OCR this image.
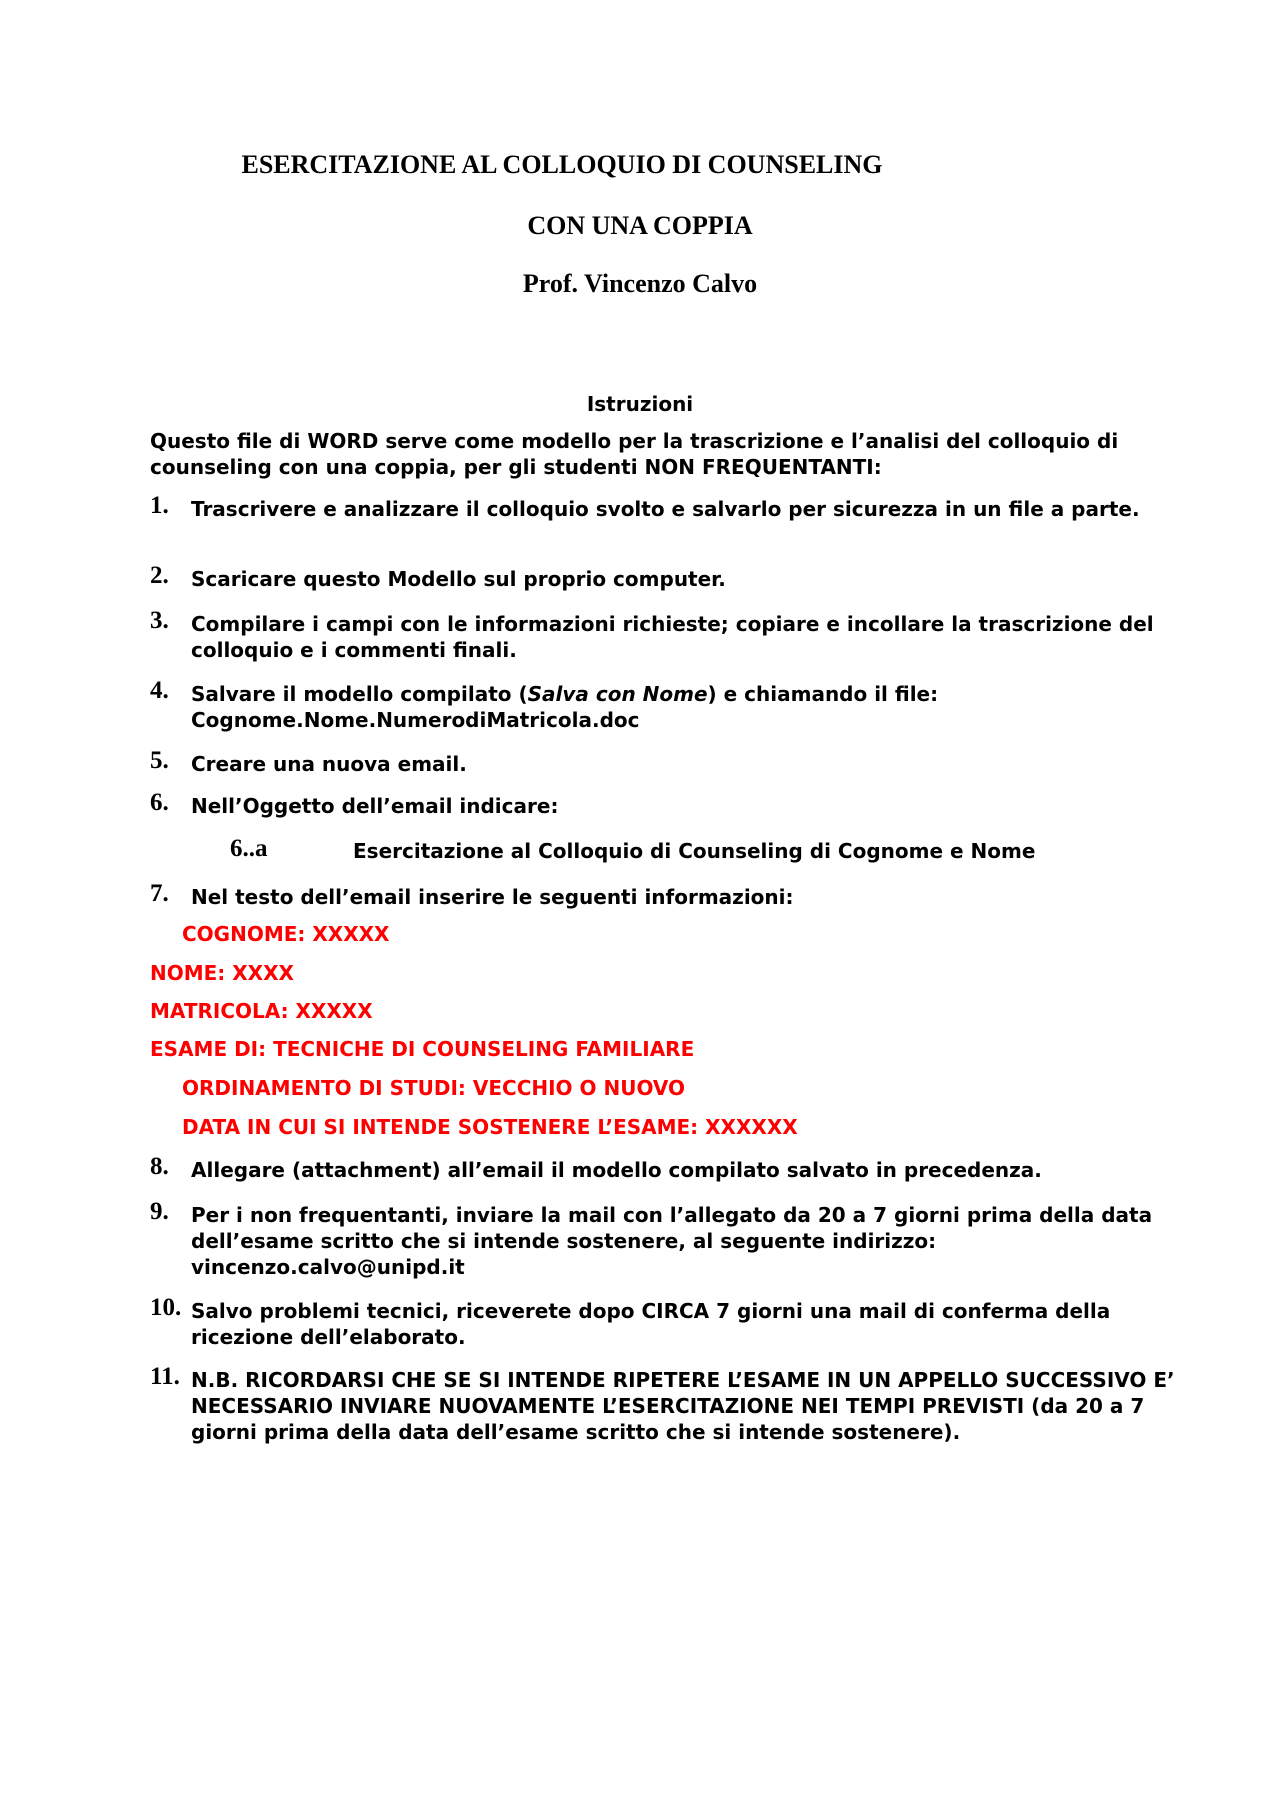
ESERCITAZIONE AL COLLOQUIO DI COUNSELING
CON UNA COPPIA
Prof. Vincenzo Calvo
Istruzioni
Questo file di WORD serve come modello per la trascrizione e l’analisi del colloquio di counseling con una coppia, per gli studenti NON FREQUENTANTI:
1. Trascrivere e analizzare il colloquio svolto e salvarlo per sicurezza in un file a parte.
2. Scaricare questo Modello sul proprio computer.
3. Compilare i campi con le informazioni richieste; copiare e incollare la trascrizione del colloquio e i commenti finali.
4. Salvare il modello compilato (Salva con Nome) e chiamando il file:
Cognome.Nome.NumerodiMatricola.doc
5. Creare una nuova email.
6. Nell’Oggetto dell’email indicare:
6..a	Esercitazione al Colloquio di Counseling di Cognome e Nome
7. Nel testo dell’email inserire le seguenti informazioni:
COGNOME: XXXXX
NOME: XXXX
MATRICOLA: XXXXX
ESAME DI: TECNICHE DI COUNSELING FAMILIARE
ORDINAMENTO DI STUDI: VECCHIO O NUOVO
DATA IN CUI SI INTENDE SOSTENERE L’ESAME: XXXXXX
8. Allegare (attachment) all’email il modello compilato salvato in precedenza.
9. Per i non frequentanti, inviare la mail con l’allegato da 20 a 7 giorni prima della data dell’esame scritto che si intende sostenere, al seguente indirizzo: vincenzo.calvo@unipd.it
10. Salvo problemi tecnici, riceverete dopo CIRCA 7 giorni una mail di conferma della ricezione dell’elaborato.
11. N.B. RICORDARSI CHE SE SI INTENDE RIPETERE L’ESAME IN UN APPELLO SUCCESSIVO E’ NECESSARIO INVIARE NUOVAMENTE L’ESERCITAZIONE NEI TEMPI PREVISTI (da 20 a 7 giorni prima della data dell’esame scritto che si intende sostenere).
